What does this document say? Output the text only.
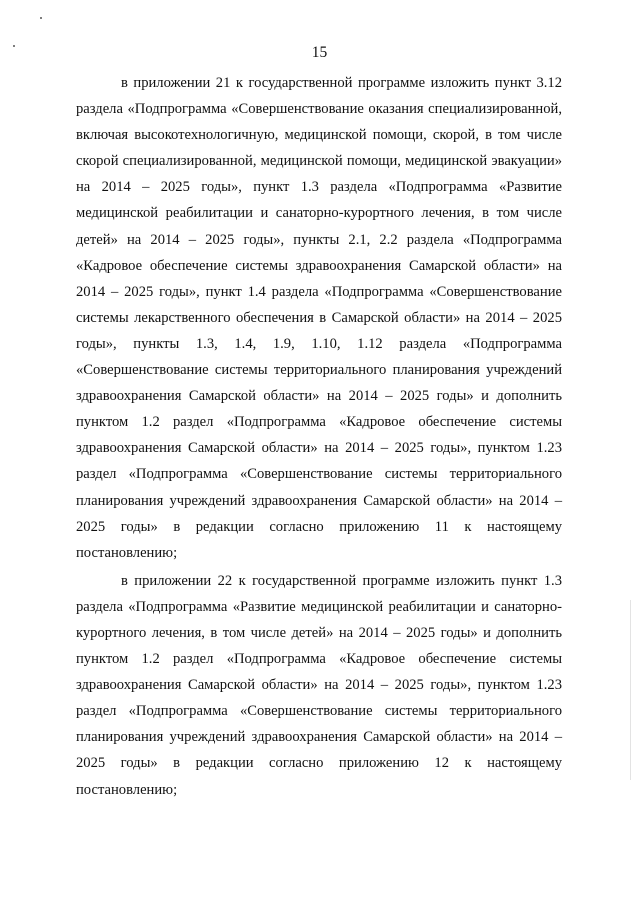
15

в приложении 21 к государственной программе изложить пункт 3.12 раздела «Подпрограмма «Совершенствование оказания специализированной, включая высокотехнологичную, медицинской помощи, скорой, в том числе скорой специализированной, медицинской помощи, медицинской эвакуации» на 2014 – 2025 годы», пункт 1.3 раздела «Подпрограмма «Развитие медицинской реабилитации и санаторно-курортного лечения, в том числе детей» на 2014 – 2025 годы», пункты 2.1, 2.2 раздела «Подпрограмма «Кадровое обеспечение системы здравоохранения Самарской области» на 2014 – 2025 годы», пункт 1.4 раздела «Подпрограмма «Совершенствование системы лекарственного обеспечения в Самарской области» на 2014 – 2025 годы», пункты 1.3, 1.4, 1.9, 1.10, 1.12 раздела «Подпрограмма «Совершенствование системы территориального планирования учреждений здравоохранения Самарской области» на 2014 – 2025 годы» и дополнить пунктом 1.2 раздел «Подпрограмма «Кадровое обеспечение системы здравоохранения Самарской области» на 2014 – 2025 годы», пунктом 1.23 раздел «Подпрограмма «Совершенствование системы территориального планирования учреждений здравоохранения Самарской области» на 2014 – 2025 годы» в редакции согласно приложению 11 к настоящему постановлению;

в приложении 22 к государственной программе изложить пункт 1.3 раздела «Подпрограмма «Развитие медицинской реабилитации и санаторно-курортного лечения, в том числе детей» на 2014 – 2025 годы» и дополнить пунктом 1.2 раздел «Подпрограмма «Кадровое обеспечение системы здравоохранения Самарской области» на 2014 – 2025 годы», пунктом 1.23 раздел «Подпрограмма «Совершенствование системы территориального планирования учреждений здравоохранения Самарской области» на 2014 – 2025 годы» в редакции согласно приложению 12 к настоящему постановлению;
